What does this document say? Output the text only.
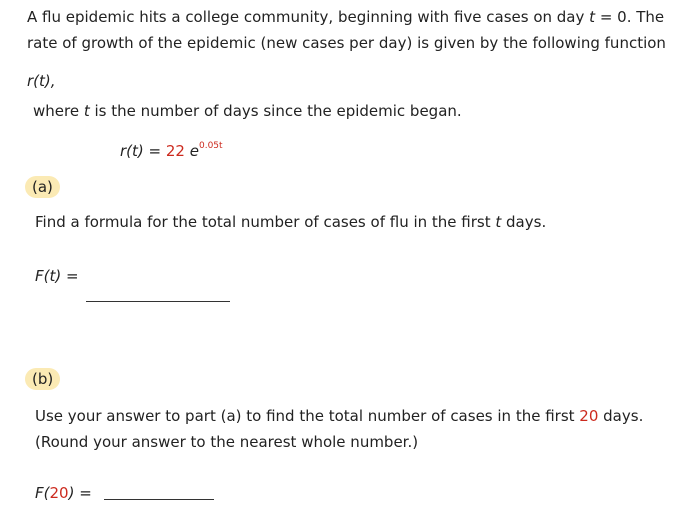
A flu epidemic hits a college community, beginning with five cases on day t = 0. The rate of growth of the epidemic (new cases per day) is given by the following function
r(t),
where t is the number of days since the epidemic began.
r(t) = 22 $e^{0.05t}$
(a)
Find a formula for the total number of cases of flu in the first t days.
F(t) =
(b)
Use your answer to part (a) to find the total number of cases in the first 20 days. (Round your answer to the nearest whole number.)
F(20) =
